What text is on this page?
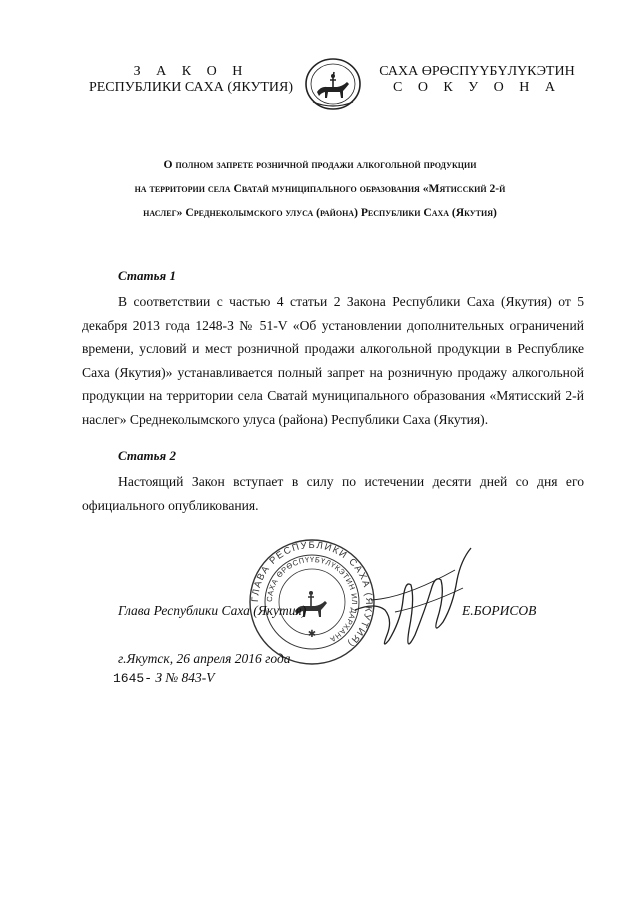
З А К О Н
РЕСПУБЛИКИ САХА (ЯКУТИЯ)
САХА ӨРӨСПҮҮБҮЛҮКЭТИН
С О К У О Н А
О полном запрете розничной продажи алкогольной продукции
на территории села Сватай муниципального образования «Мятисский 2-й
наслег» Среднеколымского улуса (района) Республики Саха (Якутия)
Статья 1
В соответствии с частью 4 статьи 2 Закона Республики Саха (Якутия) от 5 декабря 2013 года 1248-З № 51-V «Об установлении дополнительных ограничений времени, условий и мест розничной продажи алкогольной продукции в Республике Саха (Якутия)» устанавливается полный запрет на розничную продажу алкогольной продукции на территории села Сватай муниципального образования «Мятисский 2-й наслег» Среднеколымского улуса (района) Республики Саха (Якутия).
Статья 2
Настоящий Закон вступает в силу по истечении десяти дней со дня его официального опубликования.
ГЛАВА РЕСПУБЛИКИ САХА (ЯКУТИЯ)
САХА ӨРӨСПҮҮБҮЛҮКЭТИН ИЛ ДАРХАНА
✱
Глава Республики Саха (Якутия)	Е.БОРИСОВ
г.Якутск, 26 апреля 2016 года
1645- З № 843-V
